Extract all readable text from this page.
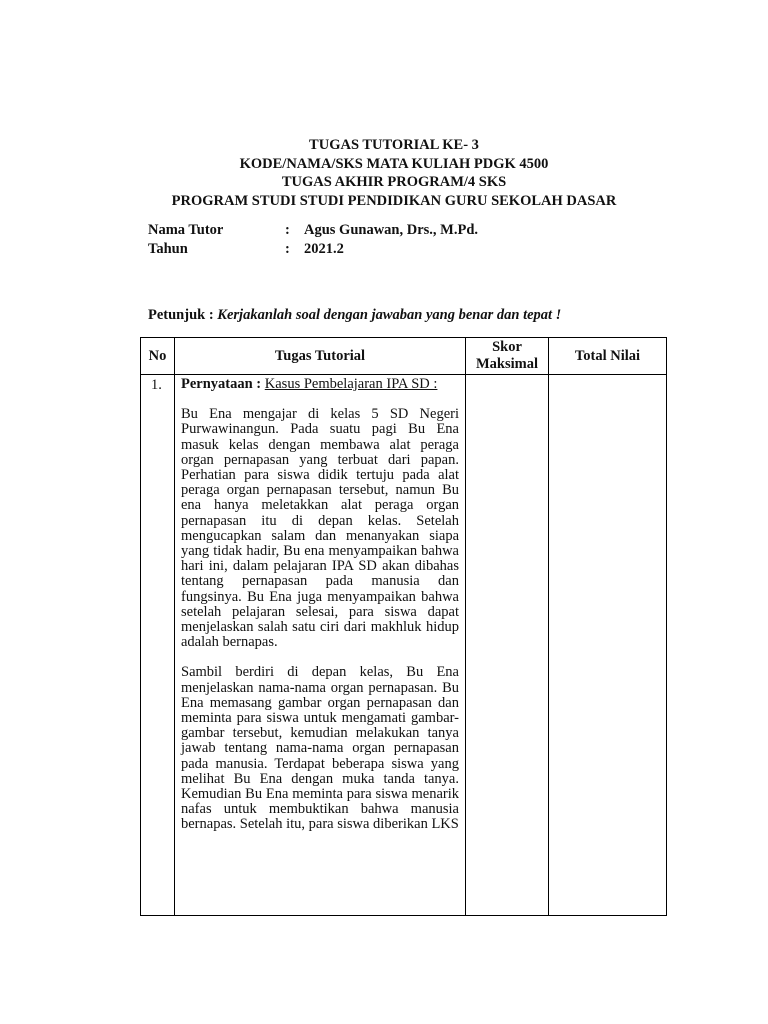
TUGAS TUTORIAL KE- 3
KODE/NAMA/SKS MATA KULIAH PDGK 4500
TUGAS AKHIR PROGRAM/4 SKS
PROGRAM STUDI STUDI PENDIDIKAN GURU SEKOLAH DASAR
Nama Tutor	: Agus Gunawan, Drs., M.Pd.
Tahun	: 2021.2
Petunjuk : Kerjakanlah soal dengan jawaban yang benar dan tepat !
No	Tugas Tutorial	Skor Maksimal	Total Nilai
1.	Pernyataan : Kasus Pembelajaran IPA SD :

Bu Ena mengajar di kelas 5 SD Negeri Purwawinangun. Pada suatu pagi Bu Ena masuk kelas dengan membawa alat peraga organ pernapasan yang terbuat dari papan. Perhatian para siswa didik tertuju pada alat peraga organ pernapasan tersebut, namun Bu ena hanya meletakkan alat peraga organ pernapasan itu di depan kelas. Setelah mengucapkan salam dan menanyakan siapa yang tidak hadir, Bu ena menyampaikan bahwa hari ini, dalam pelajaran IPA SD akan dibahas tentang pernapasan pada manusia dan fungsinya. Bu Ena juga menyampaikan bahwa setelah pelajaran selesai, para siswa dapat menjelaskan salah satu ciri dari makhluk hidup adalah bernapas.

Sambil berdiri di depan kelas, Bu Ena menjelaskan nama-nama organ pernapasan. Bu Ena memasang gambar organ pernapasan dan meminta para siswa untuk mengamati gambar-gambar tersebut, kemudian melakukan tanya jawab tentang nama-nama organ pernapasan pada manusia. Terdapat beberapa siswa yang melihat Bu Ena dengan muka tanda tanya. Kemudian Bu Ena meminta para siswa menarik nafas untuk membuktikan bahwa manusia bernapas. Setelah itu, para siswa diberikan LKS		
